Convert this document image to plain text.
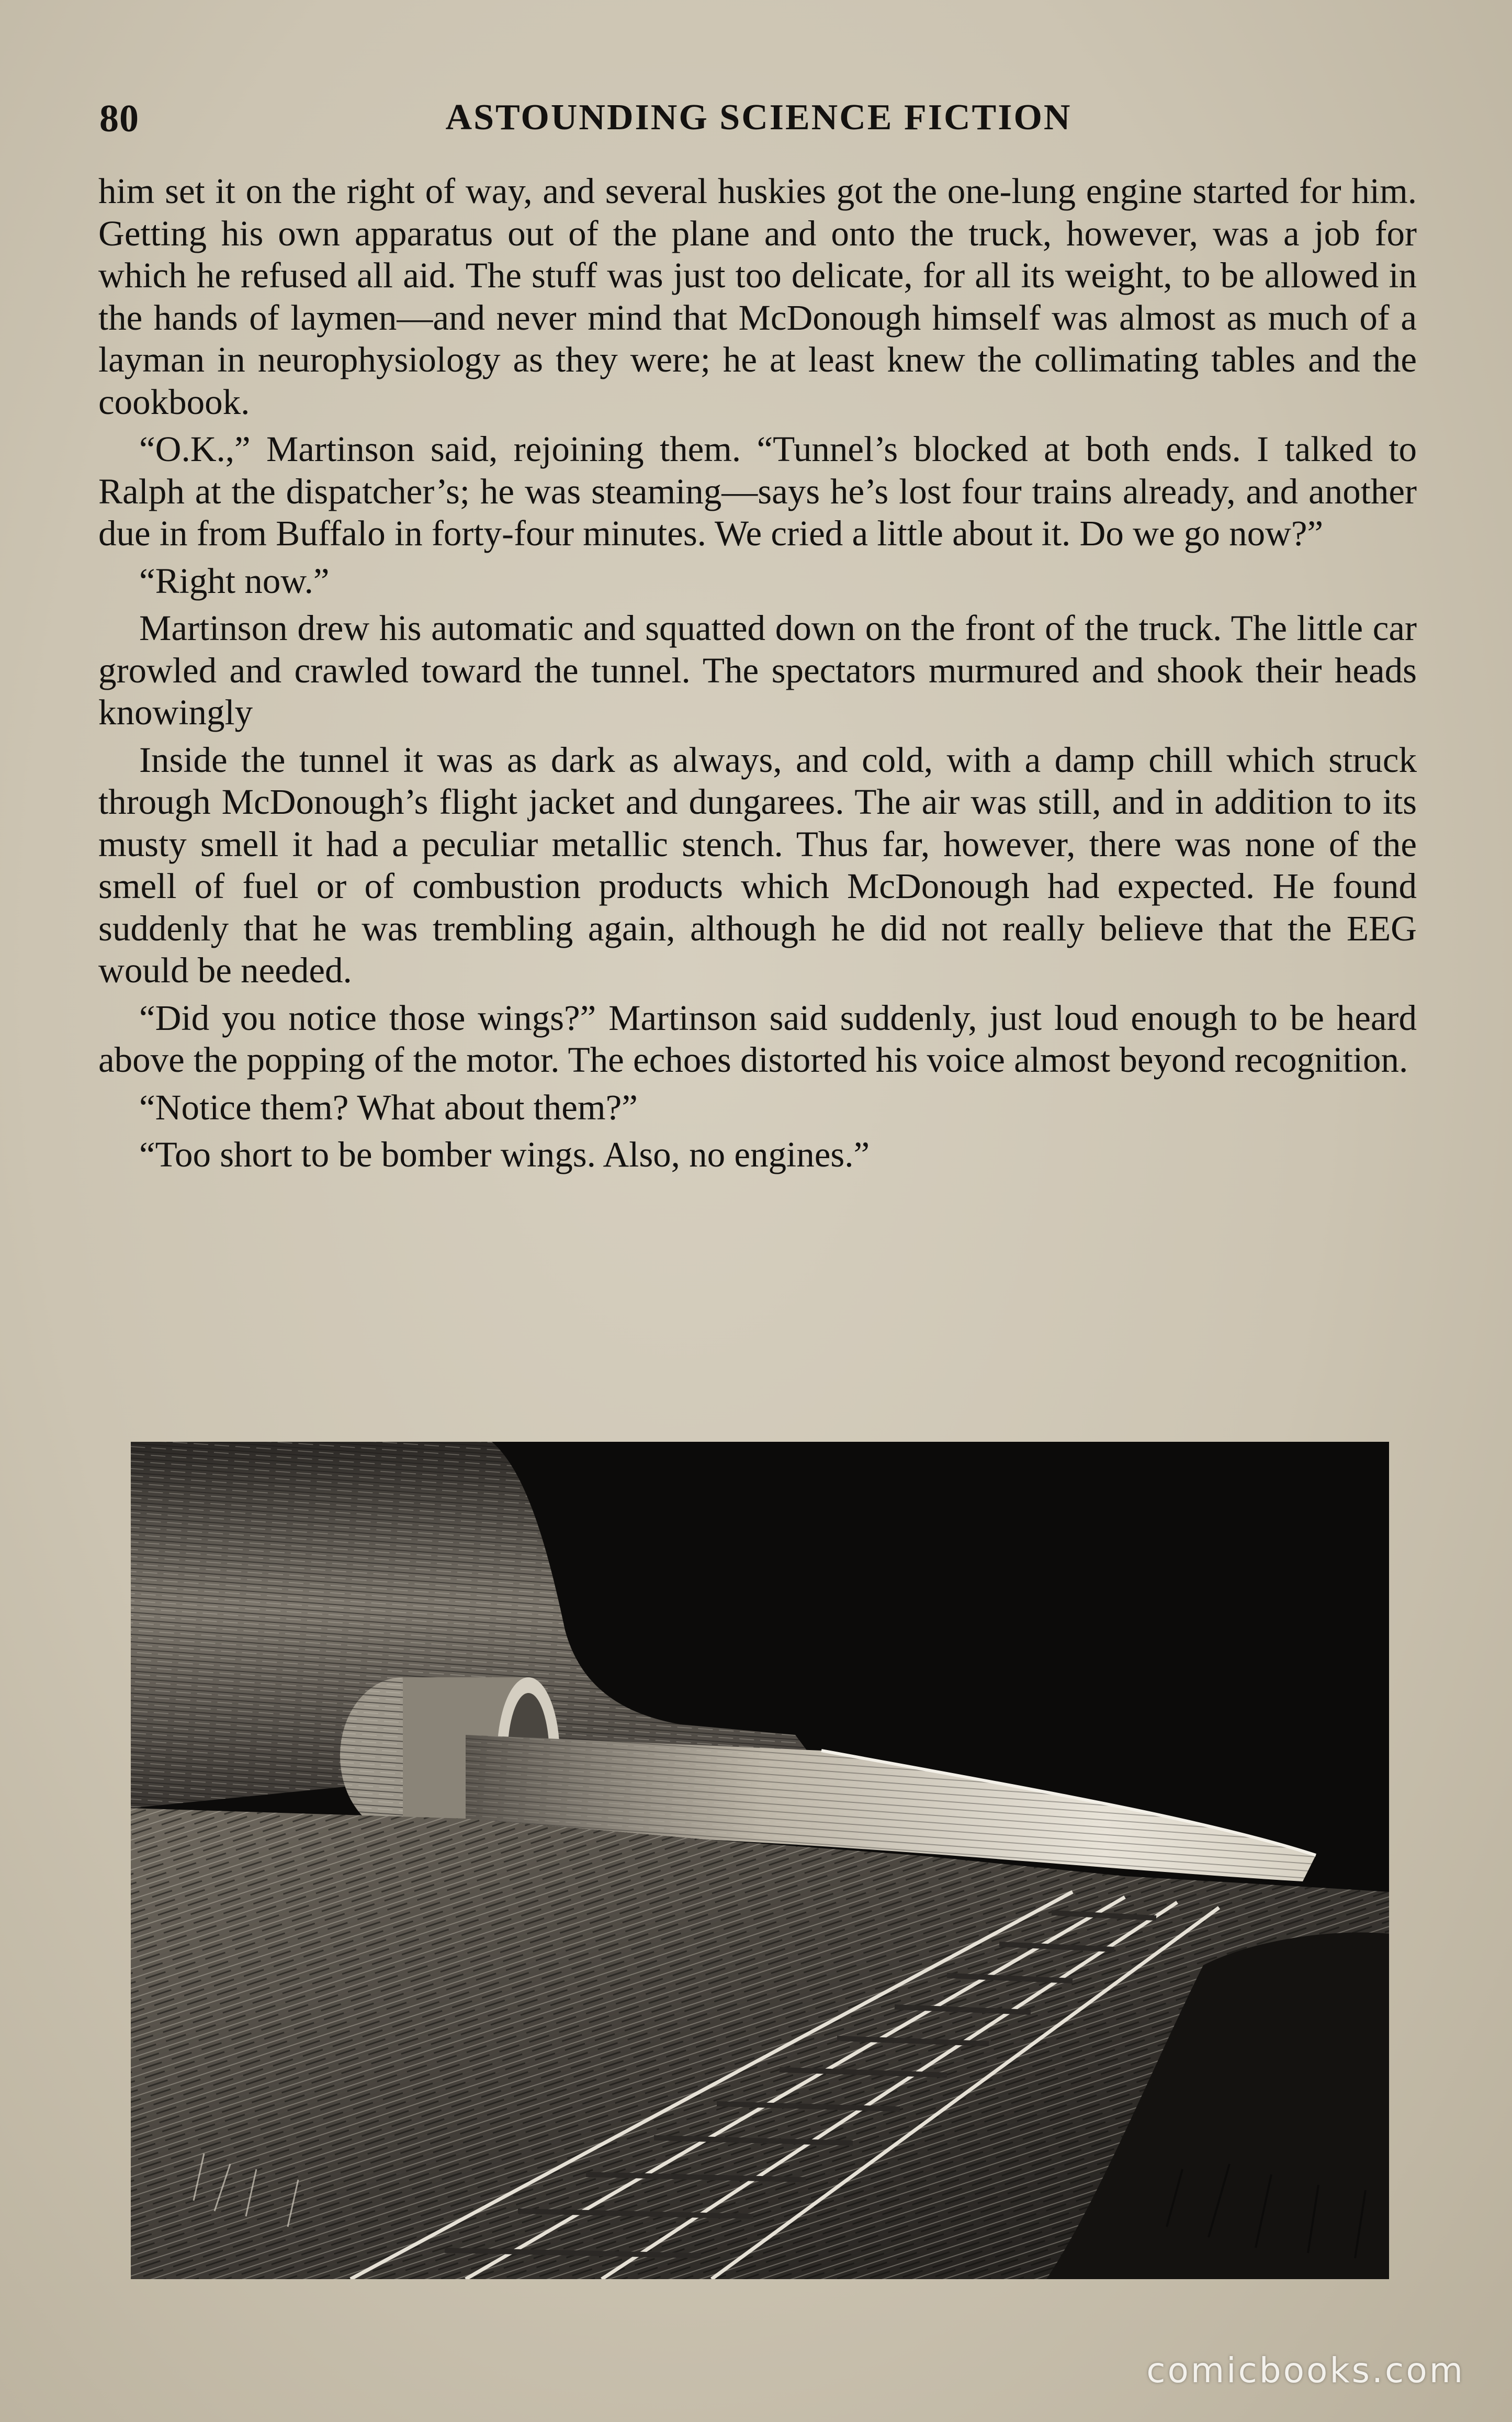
80	ASTOUNDING SCIENCE FICTION

him set it on the right of way, and several huskies got the one-lung engine started for him. Getting his own apparatus out of the plane and onto the truck, however, was a job for which he refused all aid. The stuff was just too delicate, for all its weight, to be allowed in the hands of laymen—and never mind that McDonough himself was almost as much of a layman in neurophysiology as they were; he at least knew the collimating tables and the cookbook.

“O.K.,” Martinson said, rejoining them. “Tunnel’s blocked at both ends. I talked to Ralph at the dispatcher’s; he was steaming—says he’s lost four trains already, and another due in from Buffalo in forty-four minutes. We cried a little about it. Do we go now?”

“Right now.”

Martinson drew his automatic and squatted down on the front of the truck. The little car growled and crawled toward the tunnel. The spectators murmured and shook their heads knowingly

Inside the tunnel it was as dark as always, and cold, with a damp chill which struck through McDonough’s flight jacket and dungarees. The air was still, and in addition to its musty smell it had a peculiar metallic stench. Thus far, however, there was none of the smell of fuel or of combustion products which McDonough had expected. He found suddenly that he was trembling again, although he did not really believe that the EEG would be needed.

“Did you notice those wings?” Martinson said suddenly, just loud enough to be heard above the popping of the motor. The echoes distorted his voice almost beyond recognition.

“Notice them? What about them?”

“Too short to be bomber wings. Also, no engines.”

comicbooks.com
